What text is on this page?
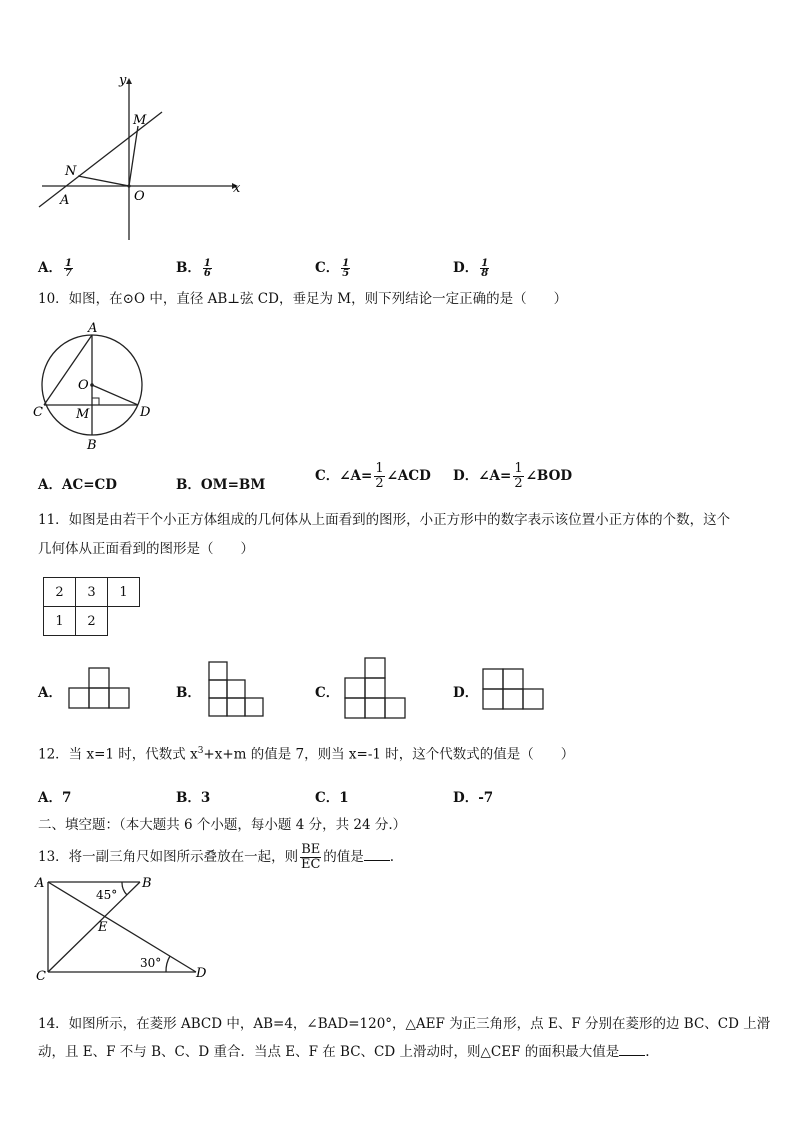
y
x
M
N
A	O
A． $\frac{1}{7}$	B． $\frac{1}{6}$	C． $\frac{1}{5}$	D． $\frac{1}{8}$
10．如图，在⊙O 中，直径 AB⊥弦 CD，垂足为 M，则下列结论一定正确的是（　　）
A
O
C	M	D
B
A．AC=CD	B．OM=BM
C．∠A= $\frac{1}{2}$ ∠ACD D．∠A= $\frac{1}{2}$ ∠BOD
11．如图是由若干个小正方体组成的几何体从上面看到的图形，小正方形中的数字表示该位置小正方体的个数，这个
几何体从正面看到的图形是（　　）
2	3	1
1	2	
A．	B．	C．	D．
12．当 x=1 时，代数式 $x^3+x+m$ 的值是 7，则当 x=-1 时，这个代数式的值是（　　）
A．7	B．3	C．1	D．-7
二、填空题：（本大题共 6 个小题，每小题 4 分，共 24 分.）
13．将一副三角尺如图所示叠放在一起，则 $\frac{BE}{EC}$ 的值是 .
A	B
E
C	D
45°
30°
14．如图所示，在菱形 ABCD 中，AB=4，∠BAD=120°，△AEF 为正三角形，点 E、F 分别在菱形的边 BC、CD 上滑
动，且 E、F 不与 B、C、D 重合．当点 E、F 在 BC、CD 上滑动时，则△CEF 的面积最大值是 .
